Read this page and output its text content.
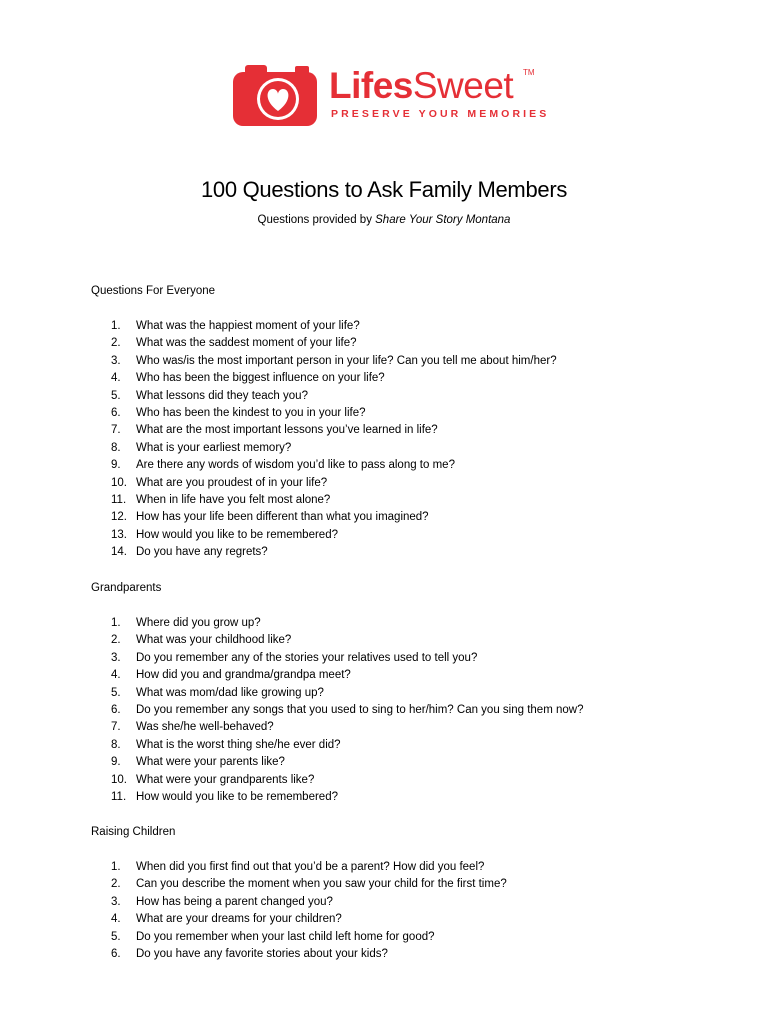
LifesSweet TM
PRESERVE YOUR MEMORIES
100 Questions to Ask Family Members
Questions provided by Share Your Story Montana
Questions For Everyone
1.	What was the happiest moment of your life?
2.	What was the saddest moment of your life?
3.	Who was/is the most important person in your life? Can you tell me about him/her?
4.	Who has been the biggest influence on your life?
5.	What lessons did they teach you?
6.	Who has been the kindest to you in your life?
7.	What are the most important lessons you’ve learned in life?
8.	What is your earliest memory?
9.	Are there any words of wisdom you’d like to pass along to me?
10. What are you proudest of in your life?
11. When in life have you felt most alone?
12. How has your life been different than what you imagined?
13. How would you like to be remembered?
14. Do you have any regrets?
Grandparents
1.	Where did you grow up?
2.	What was your childhood like?
3.	Do you remember any of the stories your relatives used to tell you?
4.	How did you and grandma/grandpa meet?
5.	What was mom/dad like growing up?
6.	Do you remember any songs that you used to sing to her/him? Can you sing them now?
7.	Was she/he well-behaved?
8.	What is the worst thing she/he ever did?
9.	What were your parents like?
10. What were your grandparents like?
11. How would you like to be remembered?
Raising Children
1.	When did you first find out that you’d be a parent? How did you feel?
2.	Can you describe the moment when you saw your child for the first time?
3.	How has being a parent changed you?
4.	What are your dreams for your children?
5.	Do you remember when your last child left home for good?
6.	Do you have any favorite stories about your kids?
